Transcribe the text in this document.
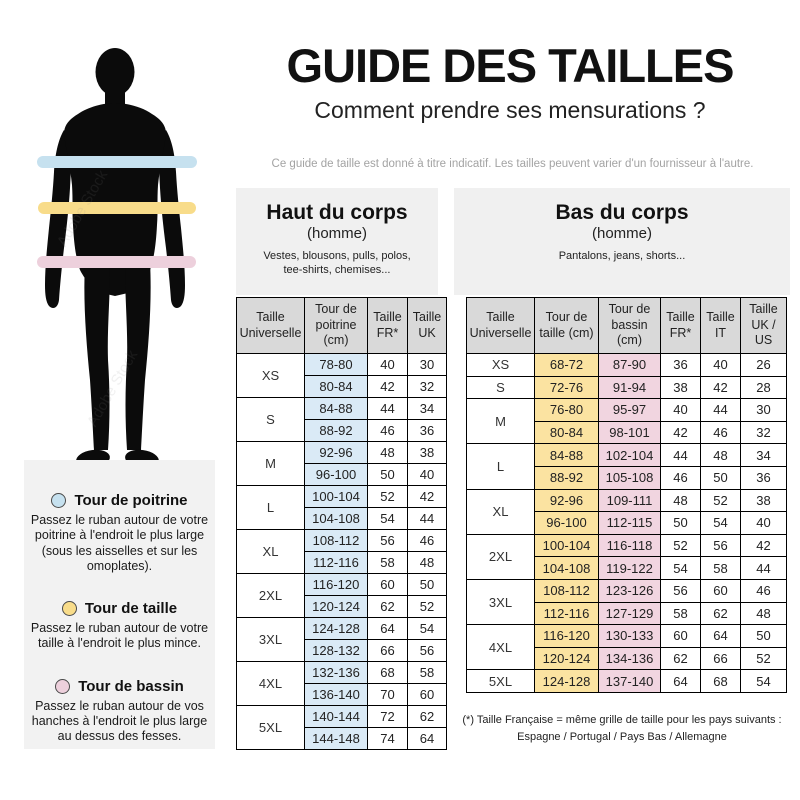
GUIDE DES TAILLES
Comment prendre ses mensurations ?
Ce guide de taille est donné à titre indicatif. Les tailles peuvent varier d'un fournisseur à l'autre.
Adobe Stock
Tour de poitrine
Passez le ruban autour de votre poitrine à l'endroit le plus large (sous les aisselles et sur les omoplates).
Tour de taille
Passez le ruban autour de votre taille à l'endroit le plus mince.
Tour de bassin
Passez le ruban autour de vos hanches à l'endroit le plus large au dessus des fesses.
Haut du corps
(homme)
Vestes, blousons, pulls, polos, tee-shirts, chemises...
Taille Universelle	Tour de poitrine (cm)	Taille FR*	Taille UK
XS	78-80	40	30
	80-84	42	32
S	84-88	44	34
	88-92	46	36
M	92-96	48	38
	96-100	50	40
L	100-104	52	42
	104-108	54	44
XL	108-112	56	46
	112-116	58	48
2XL	116-120	60	50
	120-124	62	52
3XL	124-128	64	54
	128-132	66	56
4XL	132-136	68	58
	136-140	70	60
5XL	140-144	72	62
	144-148	74	64
Bas du corps
(homme)
Pantalons, jeans, shorts...
Taille Universelle	Tour de taille (cm)	Tour de bassin (cm)	Taille FR*	Taille IT	Taille UK / US
XS	68-72	87-90	36	40	26
S	72-76	91-94	38	42	28
M	76-80	95-97	40	44	30
	80-84	98-101	42	46	32
L	84-88	102-104	44	48	34
	88-92	105-108	46	50	36
XL	92-96	109-111	48	52	38
	96-100	112-115	50	54	40
2XL	100-104	116-118	52	56	42
	104-108	119-122	54	58	44
3XL	108-112	123-126	56	60	46
	112-116	127-129	58	62	48
4XL	116-120	130-133	60	64	50
	120-124	134-136	62	66	52
5XL	124-128	137-140	64	68	54
(*) Taille Française = même grille de taille pour les pays suivants :
Espagne / Portugal / Pays Bas / Allemagne
